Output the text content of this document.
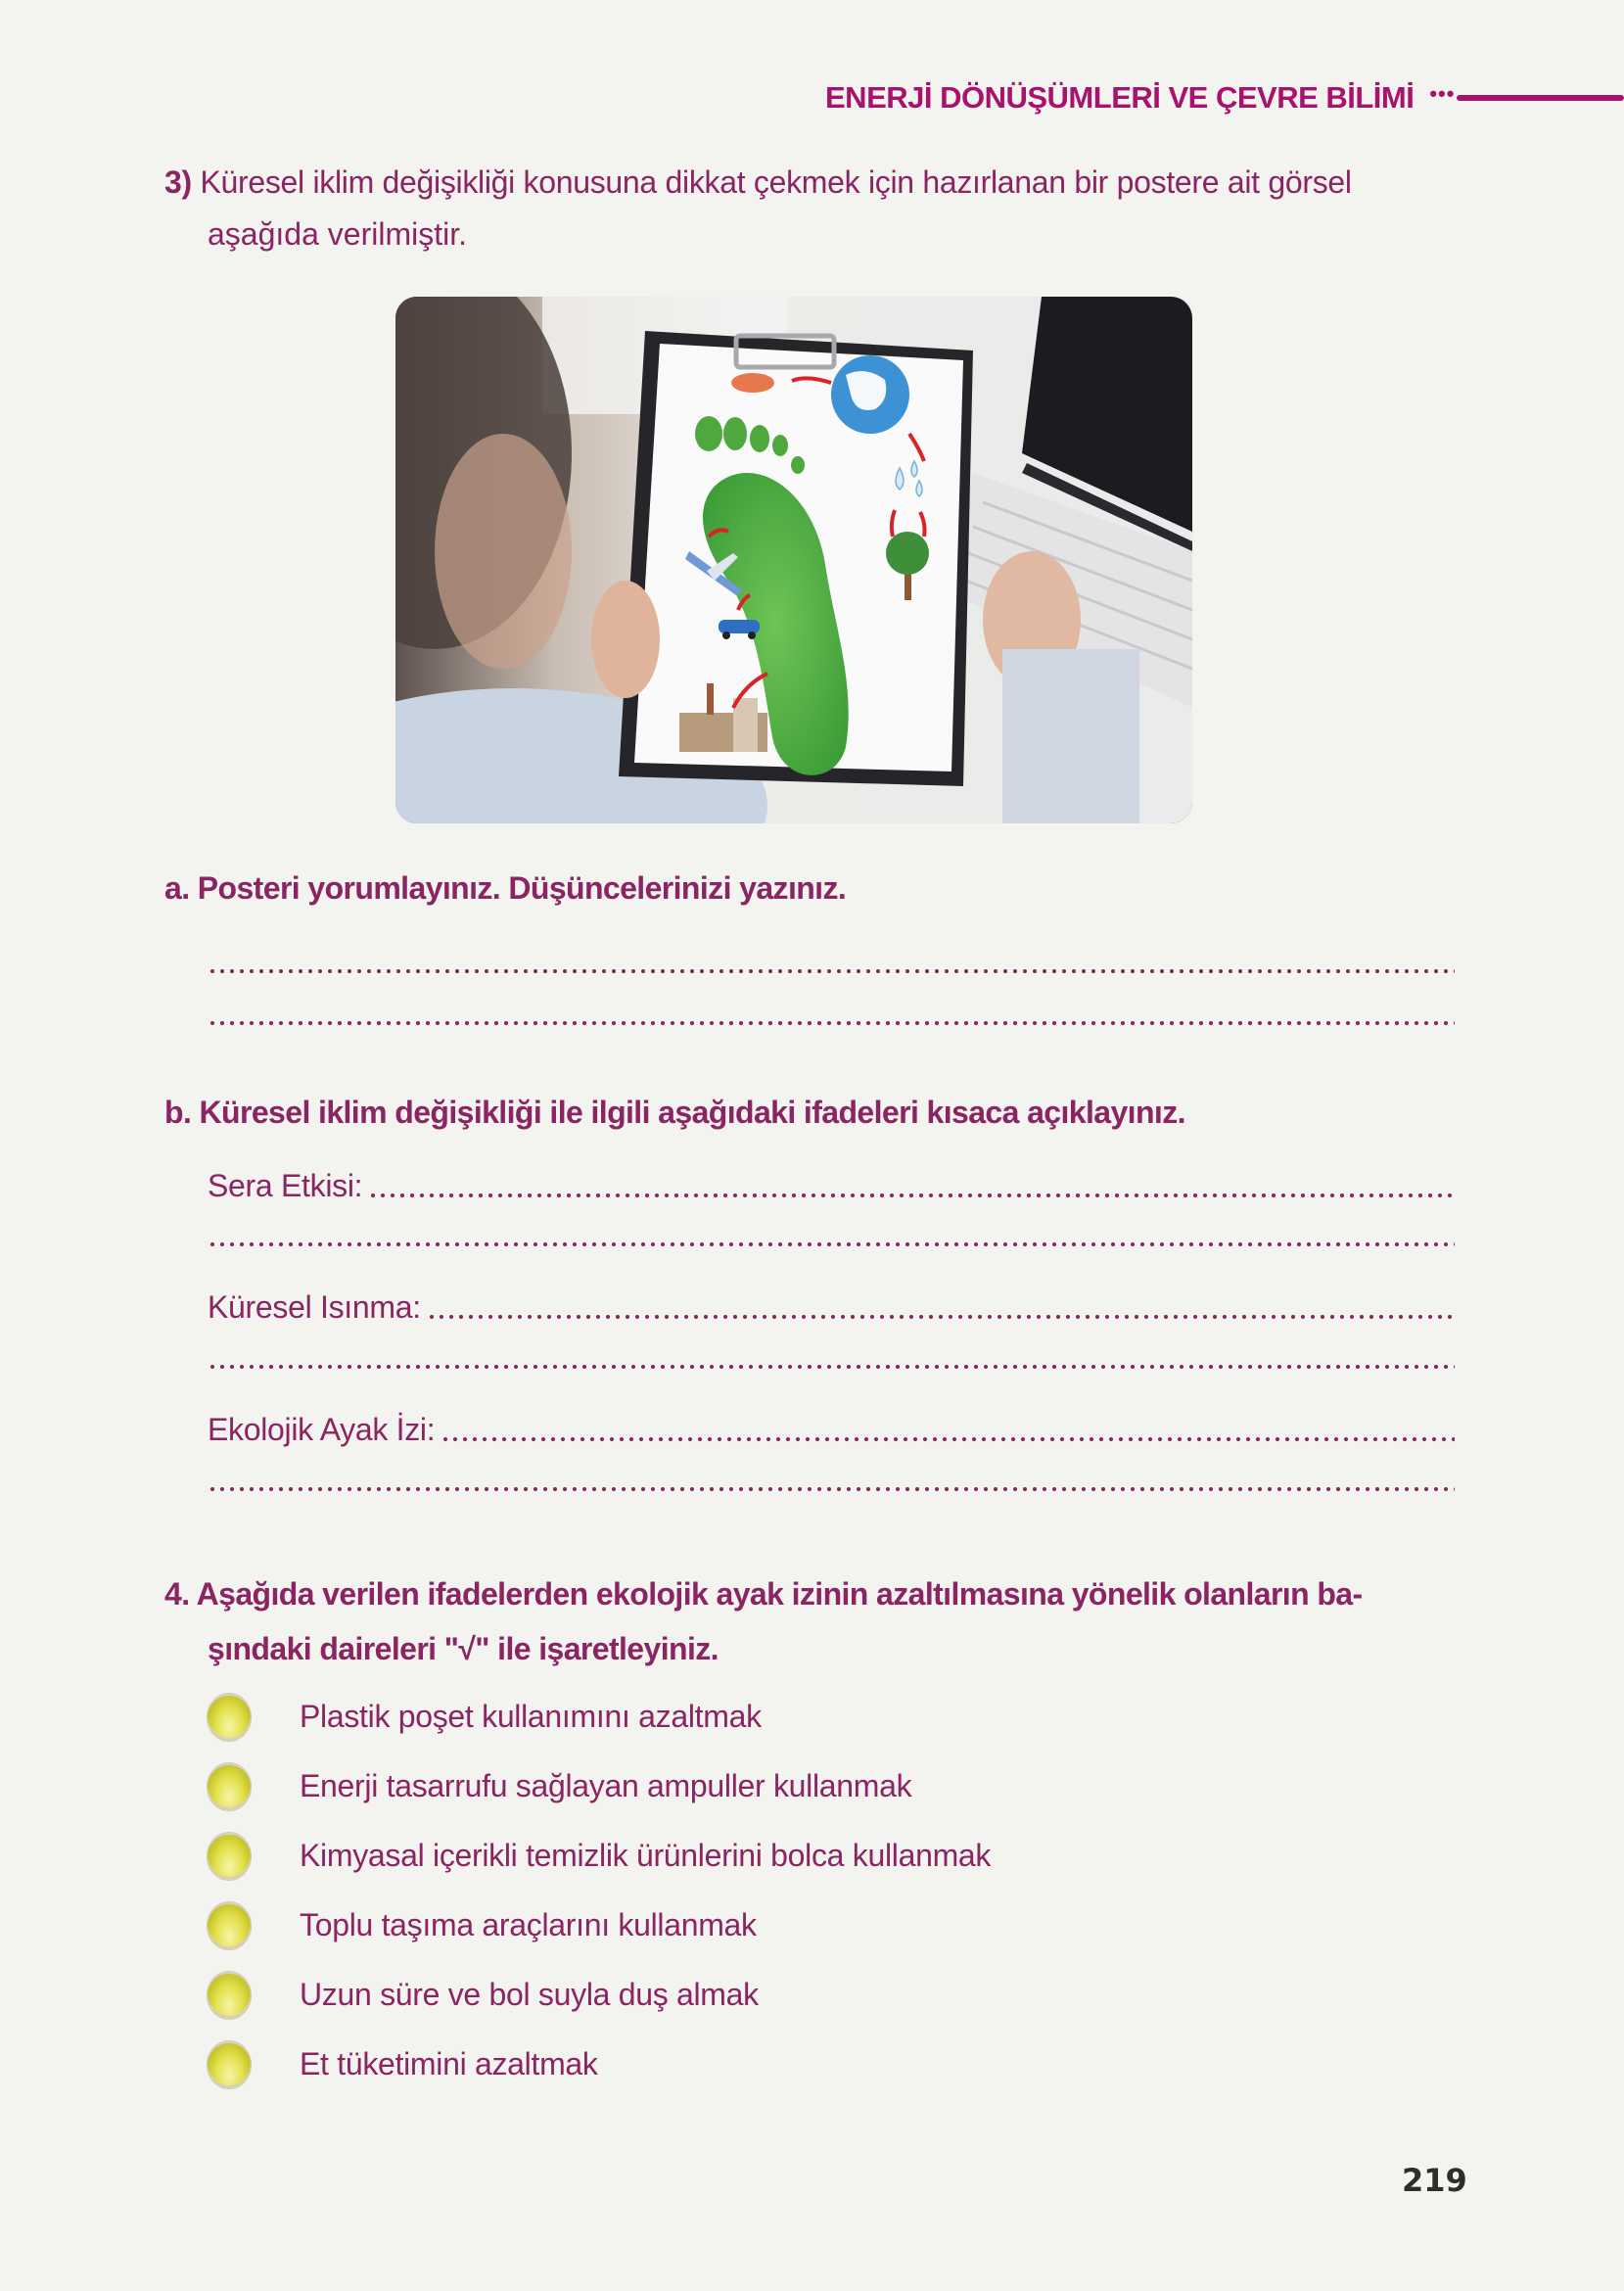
ENERJİ DÖNÜŞÜMLERİ VE ÇEVRE BİLİMİ •••
3) Küresel iklim değişikliği konusuna dikkat çekmek için hazırlanan bir postere ait görsel
aşağıda verilmiştir.
a. Posteri yorumlayınız. Düşüncelerinizi yazınız.
b. Küresel iklim değişikliği ile ilgili aşağıdaki ifadeleri kısaca açıklayınız.
Sera Etkisi:
Küresel Isınma:
Ekolojik Ayak İzi:
4. Aşağıda verilen ifadelerden ekolojik ayak izinin azaltılmasına yönelik olanların ba-
şındaki daireleri "√" ile işaretleyiniz.
Plastik poşet kullanımını azaltmak
Enerji tasarrufu sağlayan ampuller kullanmak
Kimyasal içerikli temizlik ürünlerini bolca kullanmak
Toplu taşıma araçlarını kullanmak
Uzun süre ve bol suyla duş almak
Et tüketimini azaltmak
219
